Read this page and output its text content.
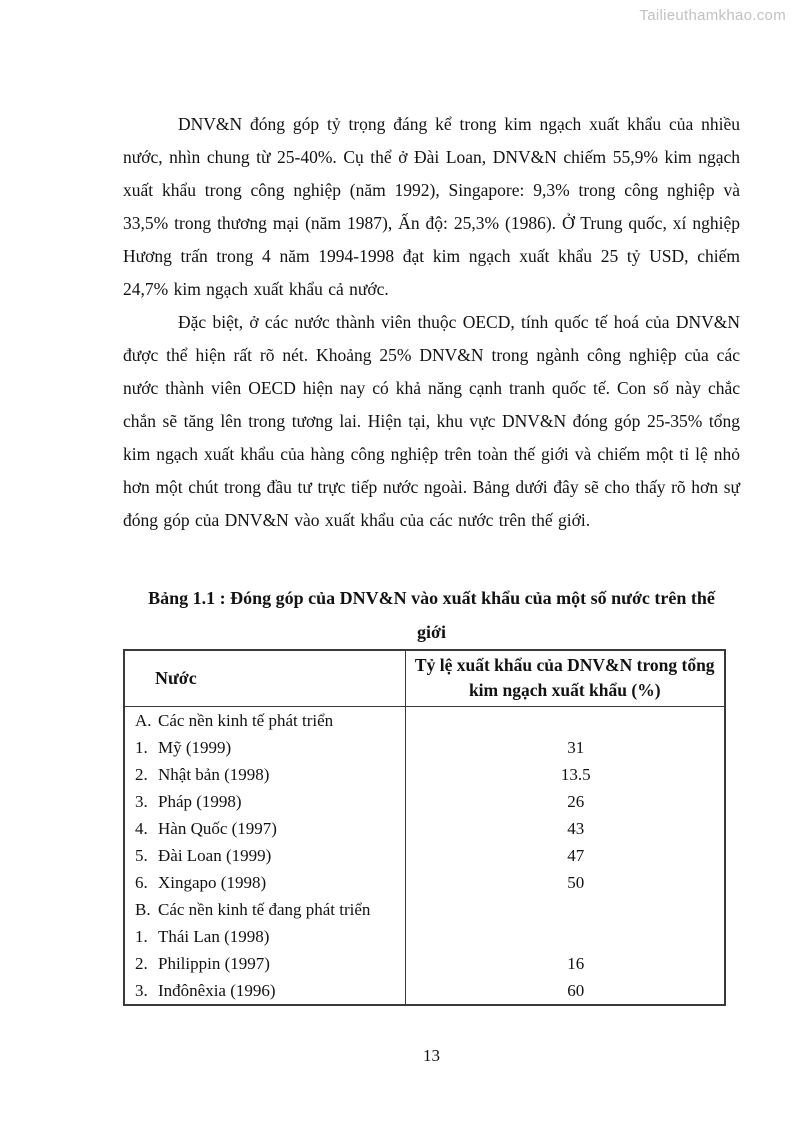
Tailieuthamkhao.com

DNV&N đóng góp tỷ trọng đáng kể trong kim ngạch xuất khẩu của nhiều nước, nhìn chung từ 25-40%. Cụ thể ở Đài Loan, DNV&N chiếm 55,9% kim ngạch xuất khẩu trong công nghiệp (năm 1992), Singapore: 9,3% trong công nghiệp và 33,5% trong thương mại (năm 1987), Ấn độ: 25,3% (1986). Ở Trung quốc, xí nghiệp Hương trấn trong 4 năm 1994-1998 đạt kim ngạch xuất khẩu 25 tỷ USD, chiếm 24,7% kim ngạch xuất khẩu cả nước.

Đặc biệt, ở các nước thành viên thuộc OECD, tính quốc tế hoá của DNV&N được thể hiện rất rõ nét. Khoảng 25% DNV&N trong ngành công nghiệp của các nước thành viên OECD hiện nay có khả năng cạnh tranh quốc tế. Con số này chắc chắn sẽ tăng lên trong tương lai. Hiện tại, khu vực DNV&N đóng góp 25-35% tổng kim ngạch xuất khẩu của hàng công nghiệp trên toàn thế giới và chiếm một tỉ lệ nhỏ hơn một chút trong đầu tư trực tiếp nước ngoài. Bảng dưới đây sẽ cho thấy rõ hơn sự đóng góp của DNV&N vào xuất khẩu của các nước trên thế giới.

Bảng 1.1 : Đóng góp của DNV&N vào xuất khẩu của một số nước trên thế giới
Nước	Tỷ lệ xuất khẩu của DNV&N trong tổng kim ngạch xuất khẩu (%)
A. Các nền kinh tế phát triển	
1. Mỹ (1999)	31
2. Nhật bản (1998)	13.5
3. Pháp (1998)	26
4. Hàn Quốc (1997)	43
5. Đài Loan (1999)	47
6. Xingapo (1998)	50
B. Các nền kinh tế đang phát triển	
1. Thái Lan (1998)	
2. Philippin (1997)	16
3. Inđônêxia (1996)	60
13
